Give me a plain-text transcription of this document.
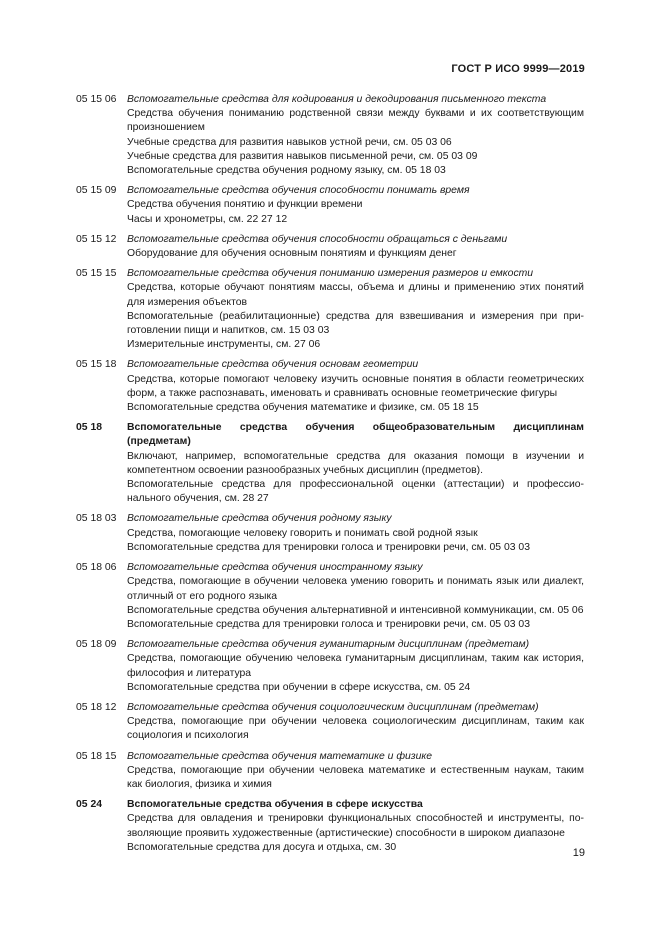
ГОСТ Р ИСО 9999—2019
05 15 06	Вспомогательные средства для кодирования и декодирования письменного текста
Средства обучения пониманию родственной связи между буквами и их соответствующим произношением
Учебные средства для развития навыков устной речи, см. 05 03 06
Учебные средства для развития навыков письменной речи, см. 05 03 09
Вспомогательные средства обучения родному языку, см. 05 18 03
05 15 09	Вспомогательные средства обучения способности понимать время
Средства обучения понятию и функции времени
Часы и хронометры, см. 22 27 12
05 15 12	Вспомогательные средства обучения способности обращаться с деньгами
Оборудование для обучения основным понятиям и функциям денег
05 15 15	Вспомогательные средства обучения пониманию измерения размеров и емкости
Средства, которые обучают понятиям массы, объема и длины и применению этих понятий для измерения объектов
Вспомогательные (реабилитационные) средства для взвешивания и измерения при приготовлении пищи и напитков, см. 15 03 03
Измерительные инструменты, см. 27 06
05 15 18	Вспомогательные средства обучения основам геометрии
Средства, которые помогают человеку изучить основные понятия в области геометрических форм, а также распознавать, именовать и сравнивать основные геометрические фигуры
Вспомогательные средства обучения математике и физике, см. 05 18 15
05 18	Вспомогательные средства обучения общеобразовательным дисциплинам (предметам)
Включают, например, вспомогательные средства для оказания помощи в изучении и компетентном освоении разнообразных учебных дисциплин (предметов).
Вспомогательные средства для профессиональной оценки (аттестации) и профессионального обучения, см. 28 27
05 18 03	Вспомогательные средства обучения родному языку
Средства, помогающие человеку говорить и понимать свой родной язык
Вспомогательные средства для тренировки голоса и тренировки речи, см. 05 03 03
05 18 06	Вспомогательные средства обучения иностранному языку
Средства, помогающие в обучении человека умению говорить и понимать язык или диалект, отличный от его родного языка
Вспомогательные средства обучения альтернативной и интенсивной коммуникации, см. 05 06
Вспомогательные средства для тренировки голоса и тренировки речи, см. 05 03 03
05 18 09	Вспомогательные средства обучения гуманитарным дисциплинам (предметам)
Средства, помогающие обучению человека гуманитарным дисциплинам, таким как история, философия и литература
Вспомогательные средства при обучении в сфере искусства, см. 05 24
05 18 12	Вспомогательные средства обучения социологическим дисциплинам (предметам)
Средства, помогающие при обучении человека социологическим дисциплинам, таким как социология и психология
05 18 15	Вспомогательные средства обучения математике и физике
Средства, помогающие при обучении человека математике и естественным наукам, таким как биология, физика и химия
05 24	Вспомогательные средства обучения в сфере искусства
Средства для овладения и тренировки функциональных способностей и инструменты, позволяющие проявить художественные (артистические) способности в широком диапазоне
Вспомогательные средства для досуга и отдыха, см. 30	19
